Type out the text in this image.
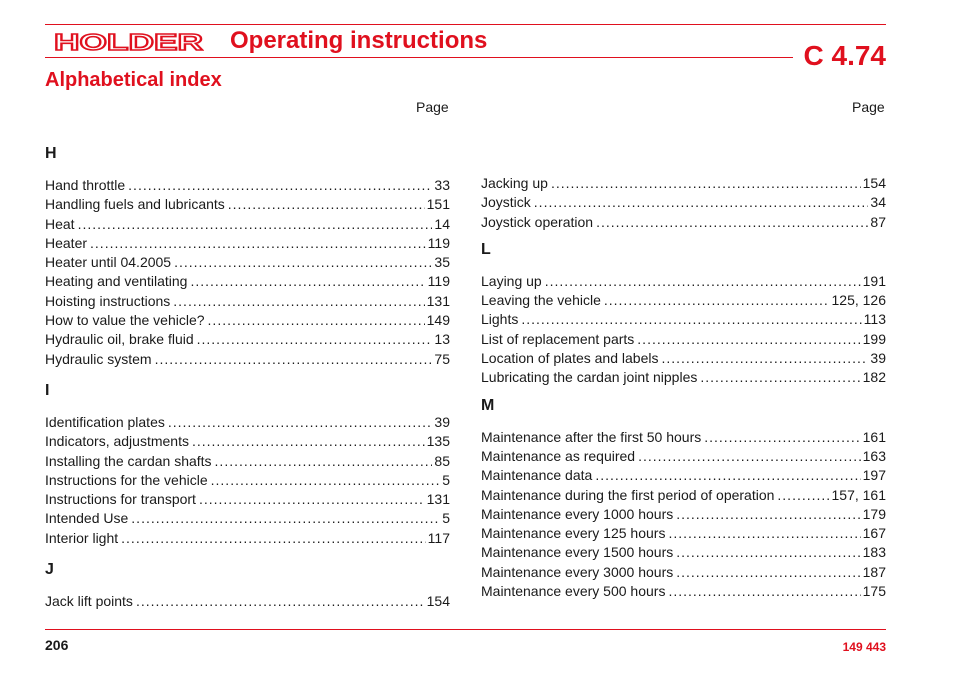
HOLDER Operating instructions	C 4.74
Alphabetical index
Page	Page
H
Hand throttle .....	33
Handling fuels and lubricants .....	151
Heat .....	14
Heater .....	119
Heater until 04.2005 .....	35
Heating and ventilating .....	119
Hoisting instructions .....	131
How to value the vehicle? .....	149
Hydraulic oil, brake fluid .....	13
Hydraulic system .....	75
I
Identification plates .....	39
Indicators, adjustments .....	135
Installing the cardan shafts .....	85
Instructions for the vehicle .....	5
Instructions for transport .....	131
Intended Use .....	5
Interior light .....	117
J
Jack lift points .....	154
Jacking up .....	154
Joystick .....	34
Joystick operation .....	87
L
Laying up .....	191
Leaving the vehicle .....	125, 126
Lights .....	113
List of replacement parts .....	199
Location of plates and labels .....	39
Lubricating the cardan joint nipples .....	182
M
Maintenance after the first 50 hours .....	161
Maintenance as required .....	163
Maintenance data .....	197
Maintenance during the first period of operation .....	157, 161
Maintenance every 1000 hours .....	179
Maintenance every 125 hours .....	167
Maintenance every 1500 hours .....	183
Maintenance every 3000 hours .....	187
Maintenance every 500 hours .....	175
206	149 443
